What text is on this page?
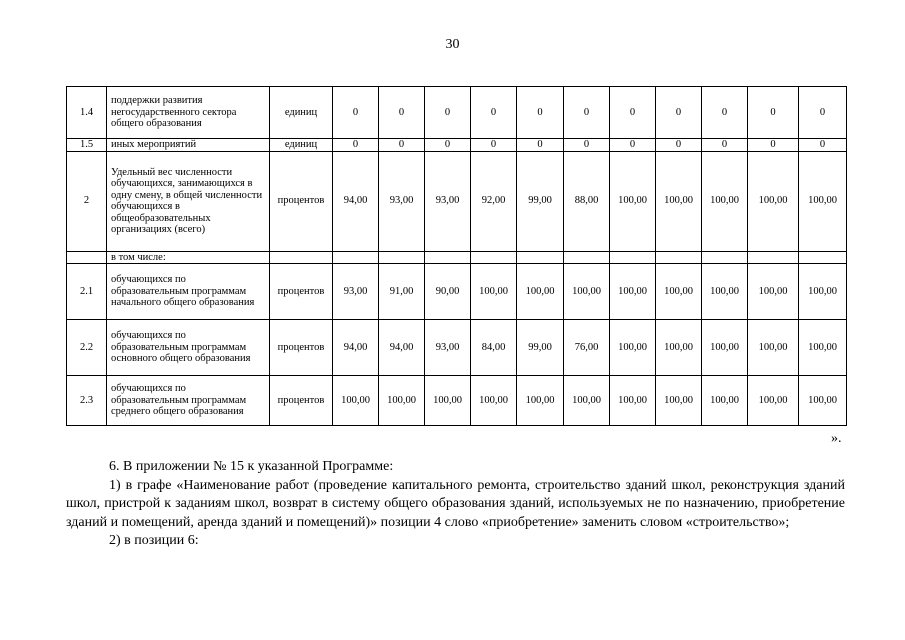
30
1.4	поддержки развития негосударственного сектора общего образования	единиц	0	0	0	0	0	0	0	0	0	0	0
1.5	иных мероприятий	единиц	0	0	0	0	0	0	0	0	0	0	0
2	Удельный вес численности обучающихся, занимающихся в одну смену, в общей численности обучающихся в общеобразовательных организациях (всего)	процентов	94,00	93,00	93,00	92,00	99,00	88,00	100,00	100,00	100,00	100,00	100,00
	в том числе:												
2.1	обучающихся по образовательным программам начального общего образования	процентов	93,00	91,00	90,00	100,00	100,00	100,00	100,00	100,00	100,00	100,00	100,00
2.2	обучающихся по образовательным программам основного общего образования	процентов	94,00	94,00	93,00	84,00	99,00	76,00	100,00	100,00	100,00	100,00	100,00
2.3	обучающихся по образовательным программам среднего общего образования	процентов	100,00	100,00	100,00	100,00	100,00	100,00	100,00	100,00	100,00	100,00	100,00
».

6. В приложении № 15 к указанной Программе:

1) в графе «Наименование работ (проведение капитального ремонта, строительство зданий школ, реконструкция зданий школ, пристрой к заданиям школ, возврат в систему общего образования зданий, используемых не по назначению, приобретение зданий и помещений, аренда зданий и помещений)» позиции 4 слово «приобретение» заменить словом «строительство»;

2) в позиции 6:
